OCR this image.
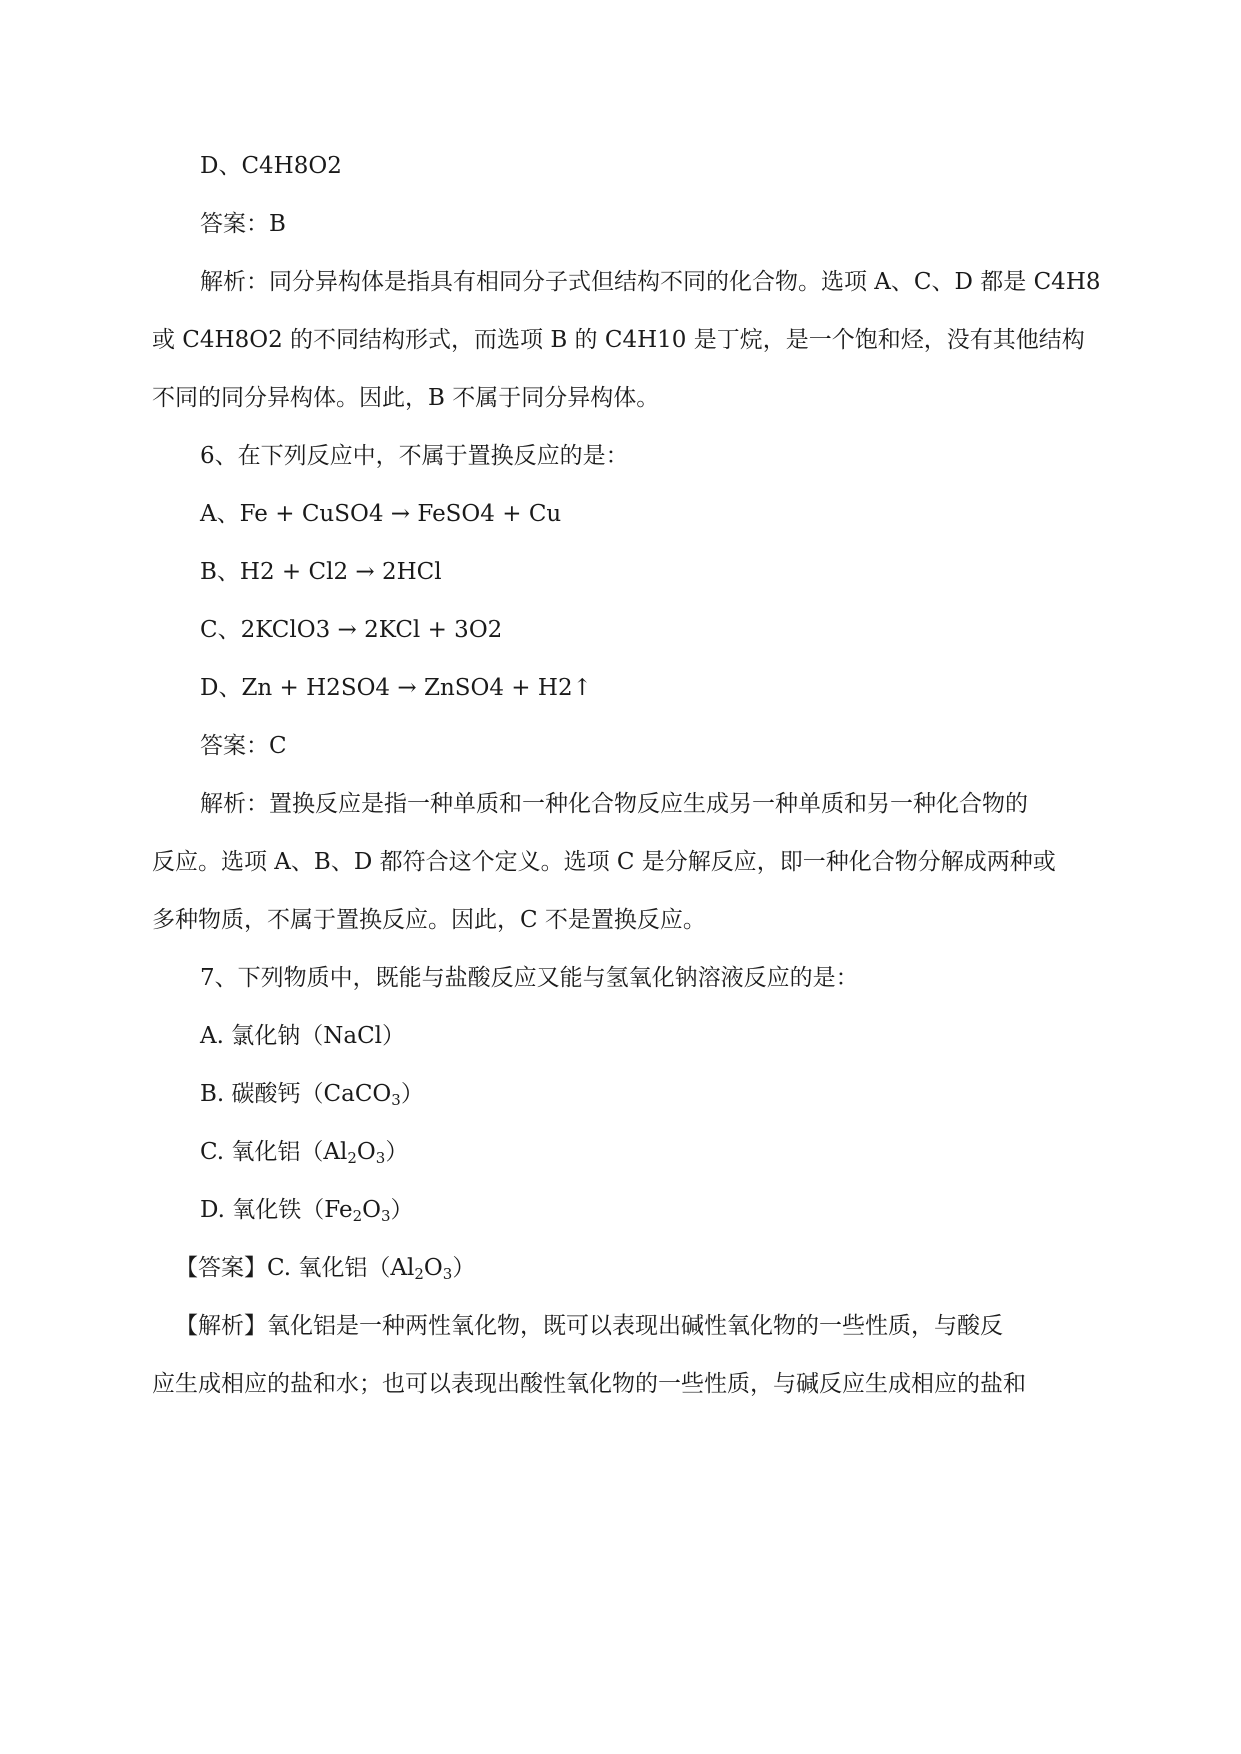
D、C4H8O2
答案：B
解析：同分异构体是指具有相同分子式但结构不同的化合物。选项 A、C、D 都是 C4H8
或 C4H8O2 的不同结构形式，而选项 B 的 C4H10 是丁烷，是一个饱和烃，没有其他结构
不同的同分异构体。因此，B 不属于同分异构体。
6、在下列反应中，不属于置换反应的是：
A、Fe + CuSO4 → FeSO4 + Cu
B、H2 + Cl2 → 2HCl
C、2KClO3 → 2KCl + 3O2
D、Zn + H2SO4 → ZnSO4 + H2↑
答案：C
解析：置换反应是指一种单质和一种化合物反应生成另一种单质和另一种化合物的
反应。选项 A、B、D 都符合这个定义。选项 C 是分解反应，即一种化合物分解成两种或
多种物质，不属于置换反应。因此，C 不是置换反应。
7、下列物质中，既能与盐酸反应又能与氢氧化钠溶液反应的是：
A. 氯化钠（NaCl）
B. 碳酸钙（CaCO$_3$）
C. 氧化铝$(Al_2O_3)$
D. 氧化铁$(Fe_2O_3)$
【答案】C. 氧化铝$(Al_2O_3)$
【解析】氧化铝是一种两性氧化物，既可以表现出碱性氧化物的一些性质，与酸反
应生成相应的盐和水；也可以表现出酸性氧化物的一些性质，与碱反应生成相应的盐和
